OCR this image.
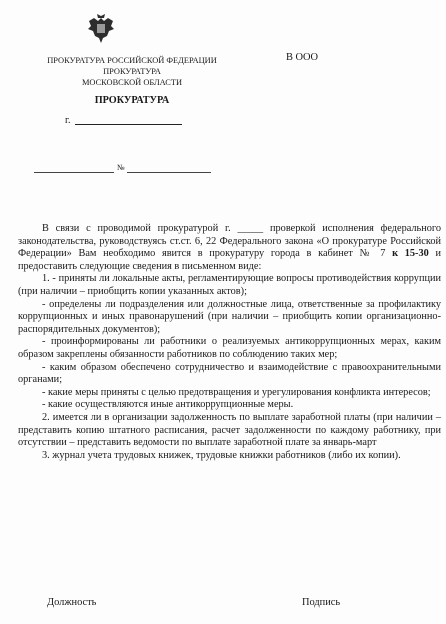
ПРОКУРАТУРА РОССИЙСКОЙ ФЕДЕРАЦИИ
ПРОКУРАТУРА
МОСКОВСКОЙ ОБЛАСТИ
ПРОКУРАТУРА
г.
В ООО
№

В связи с проводимой прокуратурой г. _____ проверкой исполнения федерального законодательства, руководствуясь ст.ст. 6, 22 Федерального закона «О прокуратуре Российской Федерации» Вам необходимо явится в прокуратуру города в кабинет № 7 к 15-30 и предоставить следующие сведения в письменном виде:

1. - приняты ли локальные акты, регламентирующие вопросы противодействия коррупции (при наличии – приобщить копии указанных актов);

- определены ли подразделения или должностные лица, ответственные за профилактику коррупционных и иных правонарушений (при наличии – приобщить копии организационно-распорядительных документов);

- проинформированы ли работники о реализуемых антикоррупционных мерах, каким образом закреплены обязанности работников по соблюдению таких мер;

- каким образом обеспечено сотрудничество и взаимодействие с правоохранительными органами;

- какие меры приняты с целью предотвращения и урегулирования конфликта интересов;

- какие осуществляются иные антикоррупционные меры.

2. имеется ли в организации задолженность по выплате заработной платы (при наличии – представить копию штатного расписания, расчет задолженности по каждому работнику, при отсутствии – представить ведомости по выплате заработной плате за январь-март

3. журнал учета трудовых книжек, трудовые книжки работников (либо их копии).

Должность	Подпись
